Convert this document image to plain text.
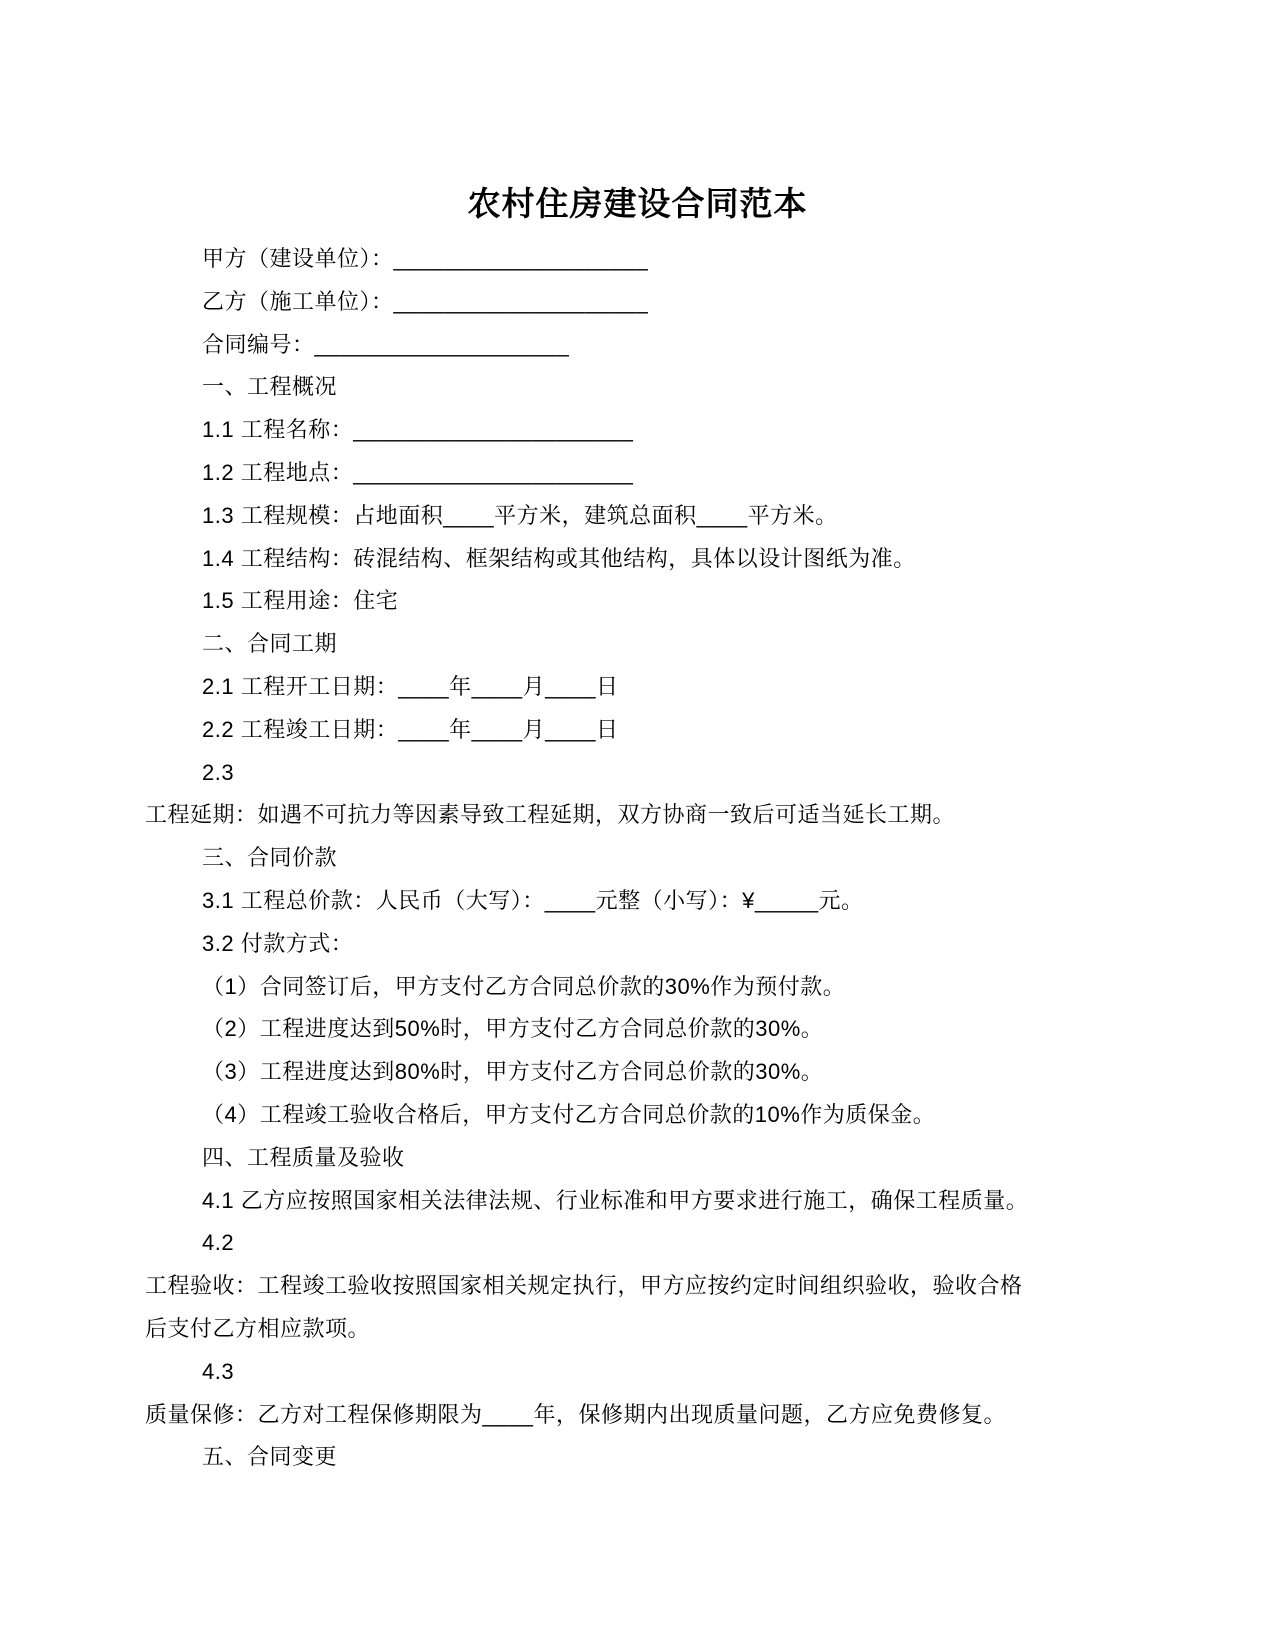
农村住房建设合同范本
甲方（建设单位）：____________________
乙方（施工单位）：____________________
合同编号：____________________
一、工程概况
1.1 工程名称：______________________
1.2 工程地点：______________________
1.3 工程规模：占地面积____平方米，建筑总面积____平方米。
1.4 工程结构：砖混结构、框架结构或其他结构，具体以设计图纸为准。
1.5 工程用途：住宅
二、合同工期
2.1 工程开工日期：____年____月____日
2.2 工程竣工日期：____年____月____日
2.3
工程延期：如遇不可抗力等因素导致工程延期，双方协商一致后可适当延长工期。
三、合同价款
3.1 工程总价款：人民币（大写）：____元整（小写）：¥_____元。
3.2 付款方式：
（1）合同签订后，甲方支付乙方合同总价款的30%作为预付款。
（2）工程进度达到50%时，甲方支付乙方合同总价款的30%。
（3）工程进度达到80%时，甲方支付乙方合同总价款的30%。
（4）工程竣工验收合格后，甲方支付乙方合同总价款的10%作为质保金。
四、工程质量及验收
4.1 乙方应按照国家相关法律法规、行业标准和甲方要求进行施工，确保工程质量。
4.2
工程验收：工程竣工验收按照国家相关规定执行，甲方应按约定时间组织验收，验收合格
后支付乙方相应款项。
4.3
质量保修：乙方对工程保修期限为____年，保修期内出现质量问题，乙方应免费修复。
五、合同变更
